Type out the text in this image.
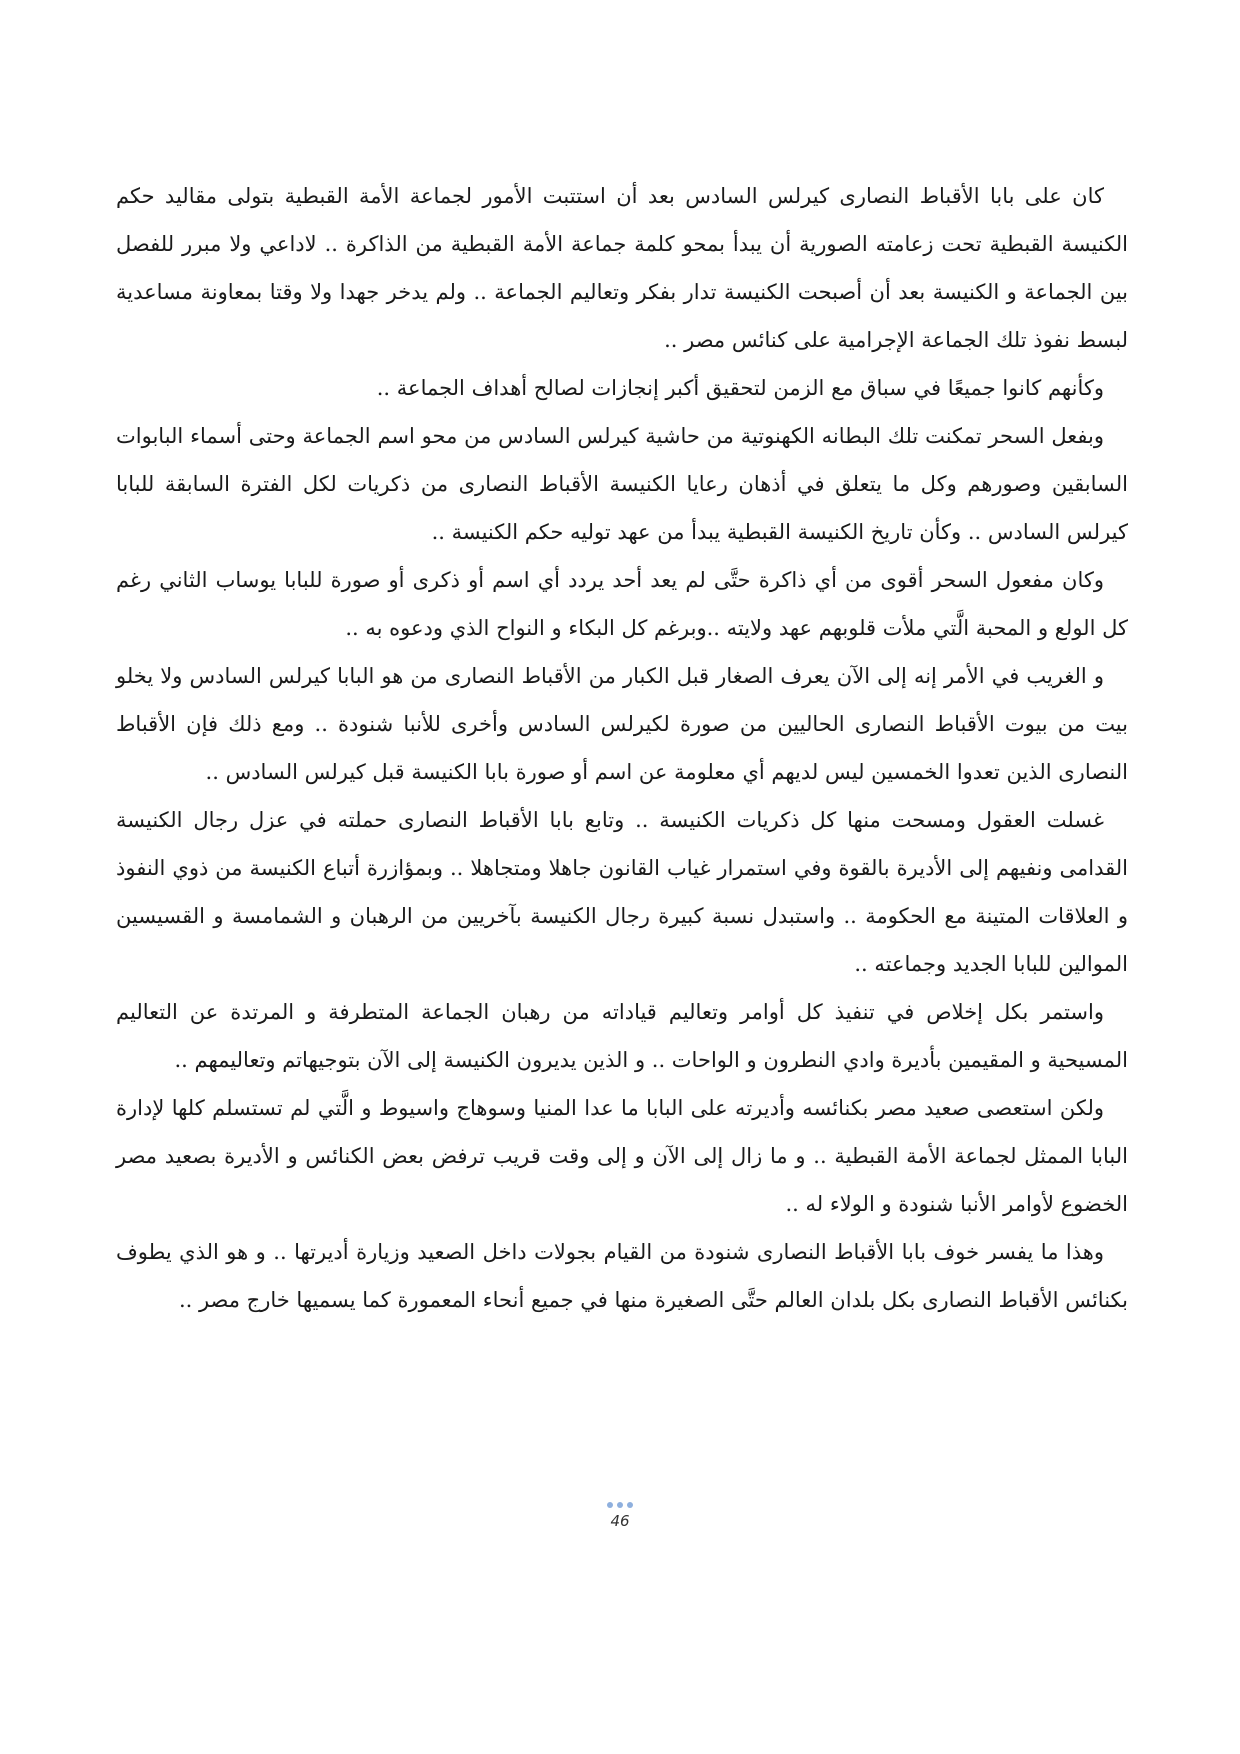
كان على بابا الأقباط النصارى كيرلس السادس بعد أن استتبت الأمور لجماعة الأمة القبطية بتولى مقاليد حكم الكنيسة القبطية تحت زعامته الصورية أن يبدأ بمحو كلمة جماعة الأمة القبطية من الذاكرة .. لاداعي ولا مبرر للفصل بين الجماعة و الكنيسة بعد أن أصبحت الكنيسة تدار بفكر وتعاليم الجماعة .. ولم يدخر جهدا ولا وقتا بمعاونة مساعدية لبسط نفوذ تلك الجماعة الإجرامية على كنائس مصر ..

وكأنهم كانوا جميعًا في سباق مع الزمن لتحقيق أكبر إنجازات لصالح أهداف الجماعة ..

وبفعل السحر تمكنت تلك البطانه الكهنوتية من حاشية كيرلس السادس من محو اسم الجماعة وحتى أسماء البابوات السابقين وصورهم وكل ما يتعلق في أذهان رعايا الكنيسة الأقباط النصارى من ذكريات لكل الفترة السابقة للبابا كيرلس السادس .. وكأن تاريخ الكنيسة القبطية يبدأ من عهد توليه حكم الكنيسة ..

وكان مفعول السحر أقوى من أي ذاكرة حتَّى لم يعد أحد يردد أي اسم أو ذكرى أو صورة للبابا يوساب الثاني رغم كل الولع و المحبة الَّتي ملأت قلوبهم عهد ولايته ..وبرغم كل البكاء و النواح الذي ودعوه به ..

و الغريب في الأمر إنه إلى الآن يعرف الصغار قبل الكبار من الأقباط النصارى من هو البابا كيرلس السادس ولا يخلو بيت من بيوت الأقباط النصارى الحاليين من صورة لكيرلس السادس وأخرى للأنبا شنودة .. ومع ذلك فإن الأقباط النصارى الذين تعدوا الخمسين ليس لديهم أي معلومة عن اسم أو صورة بابا الكنيسة قبل كيرلس السادس ..

غسلت العقول ومسحت منها كل ذكريات الكنيسة .. وتابع بابا الأقباط النصارى حملته في عزل رجال الكنيسة القدامى ونفيهم إلى الأديرة بالقوة وفي استمرار غياب القانون جاهلا ومتجاهلا .. وبمؤازرة أتباع الكنيسة من ذوي النفوذ و العلاقات المتينة مع الحكومة .. واستبدل نسبة كبيرة رجال الكنيسة بآخريين من الرهبان و الشمامسة و القسيسين الموالين للبابا الجديد وجماعته ..

واستمر بكل إخلاص في تنفيذ كل أوامر وتعاليم قياداته من رهبان الجماعة المتطرفة و المرتدة عن التعاليم المسيحية و المقيمين بأديرة وادي النطرون و الواحات .. و الذين يديرون الكنيسة إلى الآن بتوجيهاتم وتعاليمهم ..

ولكن استعصى صعيد مصر بكنائسه وأديرته على البابا ما عدا المنيا وسوهاج واسيوط و الَّتي لم تستسلم كلها لإدارة البابا الممثل لجماعة الأمة القبطية .. و ما زال إلى الآن و إلى وقت قريب ترفض بعض الكنائس و الأديرة بصعيد مصر الخضوع لأوامر الأنبا شنودة و الولاء له ..

وهذا ما يفسر خوف بابا الأقباط النصارى شنودة من القيام بجولات داخل الصعيد وزيارة أديرتها .. و هو الذي يطوف بكنائس الأقباط النصارى بكل بلدان العالم حتَّى الصغيرة منها في جميع أنحاء المعمورة كما يسميها خارج مصر ..

46
